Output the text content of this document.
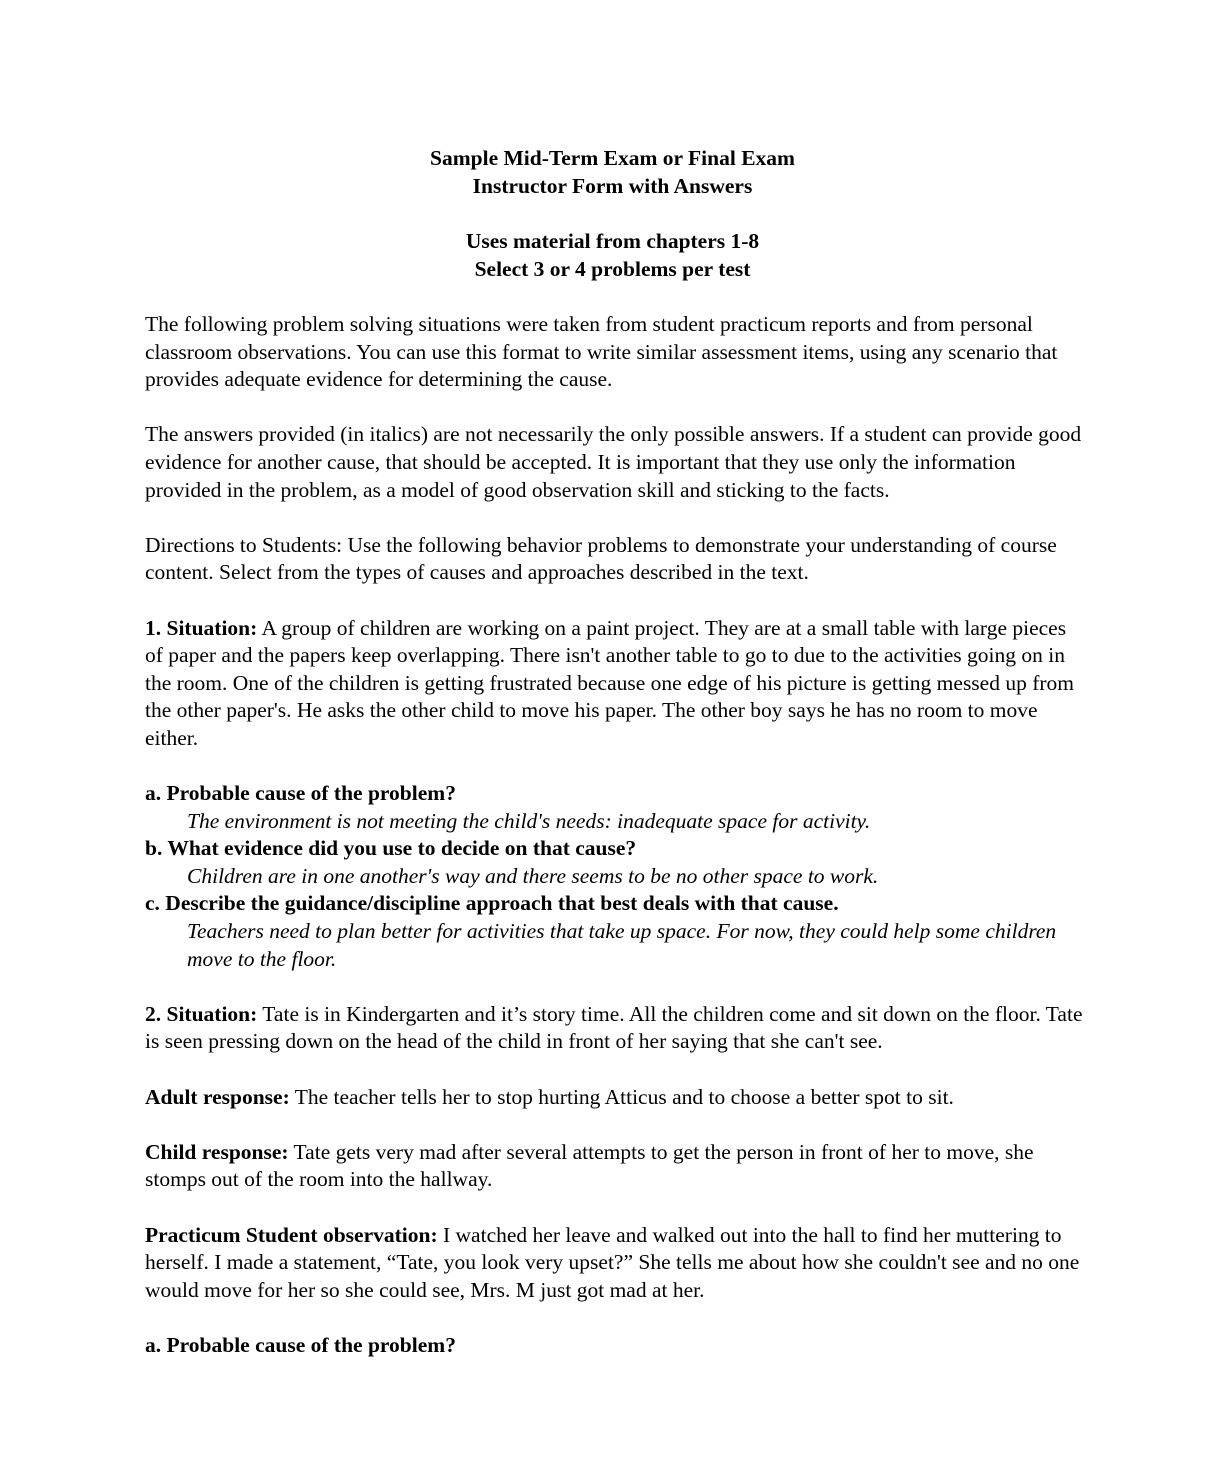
Sample Mid-Term Exam or Final Exam
Instructor Form with Answers
Uses material from chapters 1-8
Select 3 or 4 problems per test

The following problem solving situations were taken from student practicum reports and from personal classroom observations. You can use this format to write similar assessment items, using any scenario that provides adequate evidence for determining the cause.

The answers provided (in italics) are not necessarily the only possible answers. If a student can provide good evidence for another cause, that should be accepted. It is important that they use only the information provided in the problem, as a model of good observation skill and sticking to the facts.

Directions to Students: Use the following behavior problems to demonstrate your understanding of course content. Select from the types of causes and approaches described in the text.

1. Situation: A group of children are working on a paint project. They are at a small table with large pieces of paper and the papers keep overlapping. There isn't another table to go to due to the activities going on in the room. One of the children is getting frustrated because one edge of his picture is getting messed up from the other paper's. He asks the other child to move his paper. The other boy says he has no room to move either.

a. Probable cause of the problem?

The environment is not meeting the child's needs: inadequate space for activity.

b. What evidence did you use to decide on that cause?

Children are in one another's way and there seems to be no other space to work.

c. Describe the guidance/discipline approach that best deals with that cause.

Teachers need to plan better for activities that take up space. For now, they could help some children move to the floor.

2. Situation: Tate is in Kindergarten and it’s story time. All the children come and sit down on the floor. Tate is seen pressing down on the head of the child in front of her saying that she can't see.

Adult response: The teacher tells her to stop hurting Atticus and to choose a better spot to sit.

Child response: Tate gets very mad after several attempts to get the person in front of her to move, she stomps out of the room into the hallway.

Practicum Student observation: I watched her leave and walked out into the hall to find her muttering to herself. I made a statement, “Tate, you look very upset?” She tells me about how she couldn't see and no one would move for her so she could see, Mrs. M just got mad at her.

a. Probable cause of the problem?
